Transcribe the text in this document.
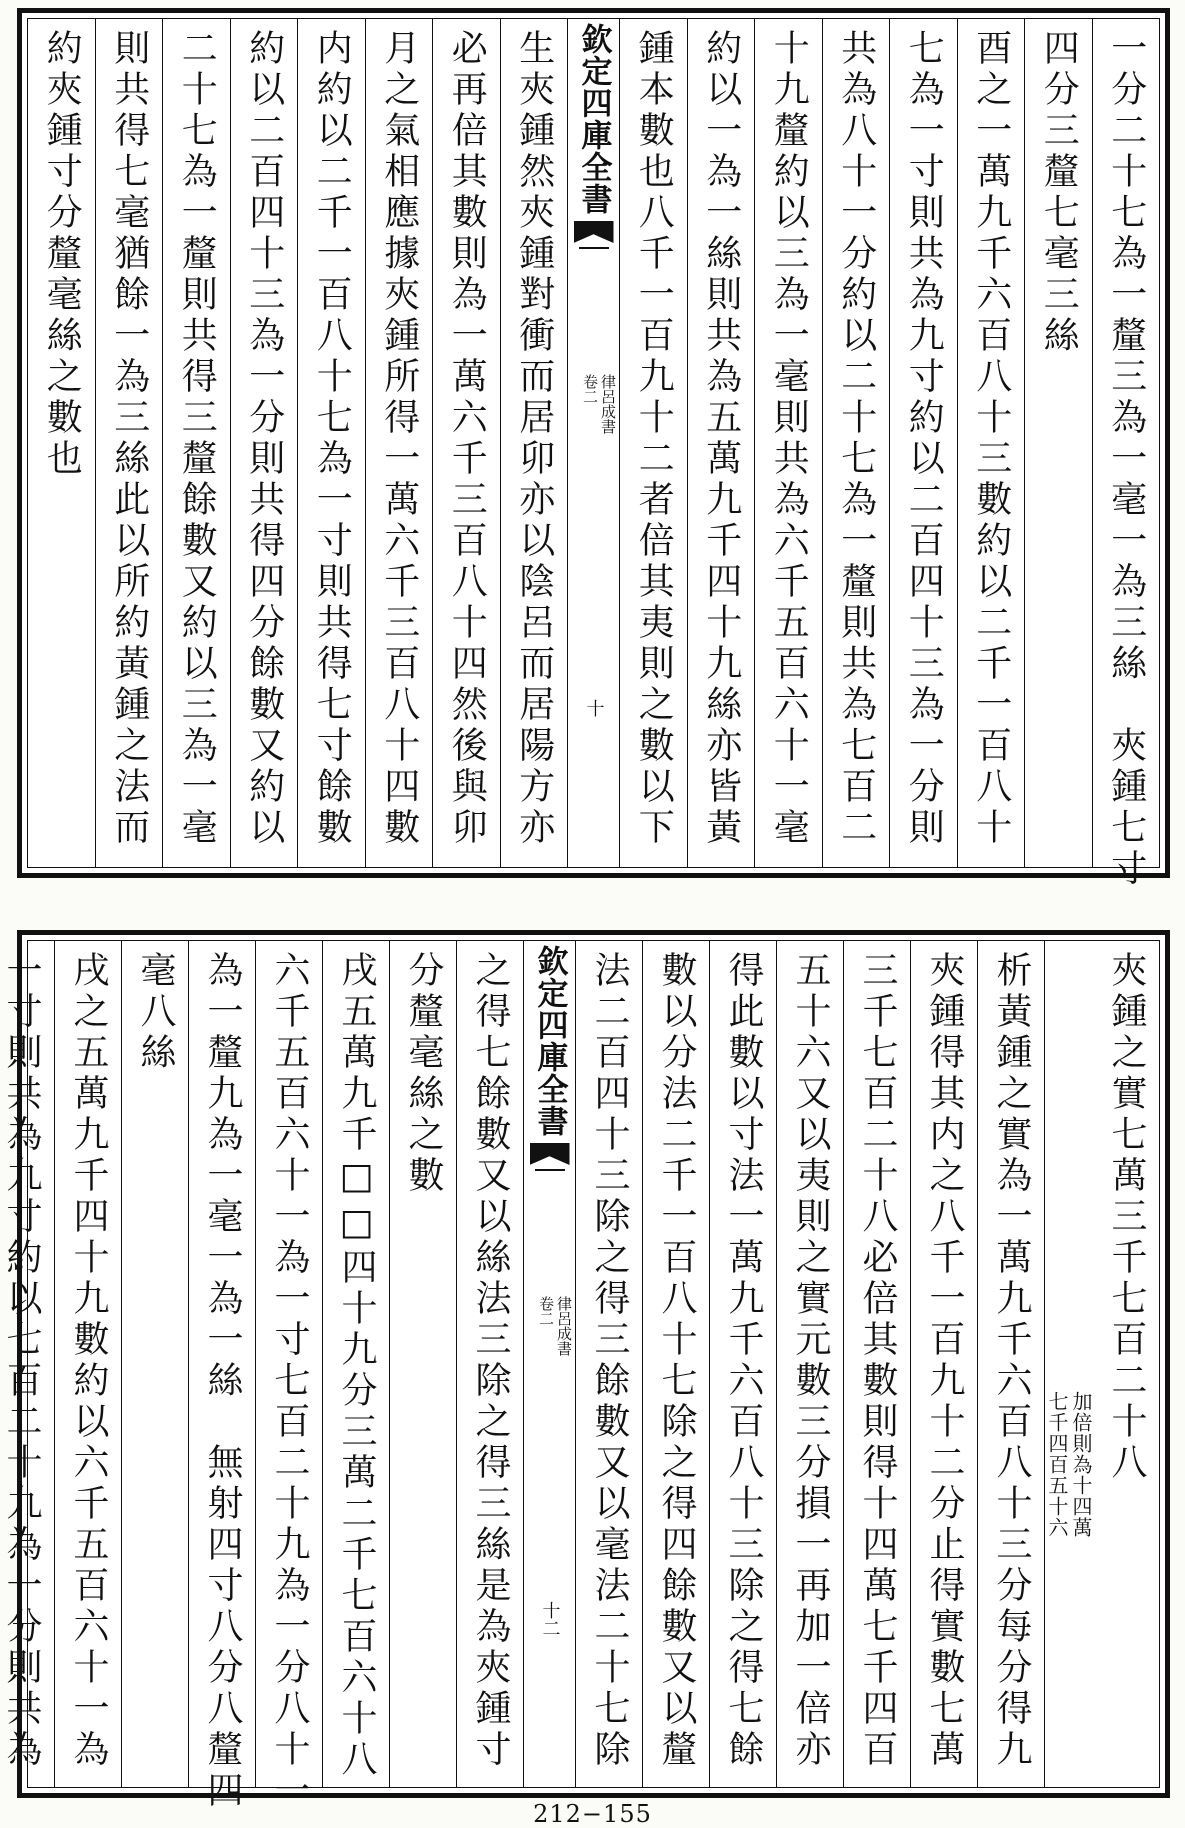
一分二十七為一釐三為一毫一為三絲　夾鍾七寸
四分三釐七毫三絲
酉之一萬九千六百八十三數約以二千一百八十
七為一寸則共為九寸約以二百四十三為一分則
共為八十一分約以二十七為一釐則共為七百二
十九釐約以三為一毫則共為六千五百六十一毫
約以一為一絲則共為五萬九千四十九絲亦皆黃
鍾本數也八千一百九十二者倍其夷則之數以下
欽定四庫全書
律呂成書
卷二
十
生夾鍾然夾鍾對衝而居卯亦以陰呂而居陽方亦
必再倍其數則為一萬六千三百八十四然後與卯
月之氣相應據夾鍾所得一萬六千三百八十四數
内約以二千一百八十七為一寸則共得七寸餘數
約以二百四十三為一分則共得四分餘數又約以
二十七為一釐則共得三釐餘數又約以三為一毫
則共得七毫猶餘一為三絲此以所約黃鍾之法而
約夾鍾寸分釐毫絲之數也
夾鍾之實七萬三千七百二十八
加倍則為十四萬
七千四百五十六
析黃鍾之實為一萬九千六百八十三分每分得九
夾鍾得其内之八千一百九十二分止得實數七萬
三千七百二十八必倍其數則得十四萬七千四百
五十六又以夷則之實元數三分損一再加一倍亦
得此數以寸法一萬九千六百八十三除之得七餘
數以分法二千一百八十七除之得四餘數又以釐
法二百四十三除之得三餘數又以毫法二十七除
欽定四庫全書
律呂成書
卷二
十二
之得七餘數又以絲法三除之得三絲是為夾鍾寸
分釐毫絲之數
戌五萬九千□□四十九分三萬二千七百六十八
六千五百六十一為一寸七百二十九為一分八十一
為一釐九為一毫一為一絲　無射四寸八分八釐四
毫八絲
戌之五萬九千四十九數約以六千五百六十一為
一寸則共為九寸約以七百二十九為一分則共為
212−155
